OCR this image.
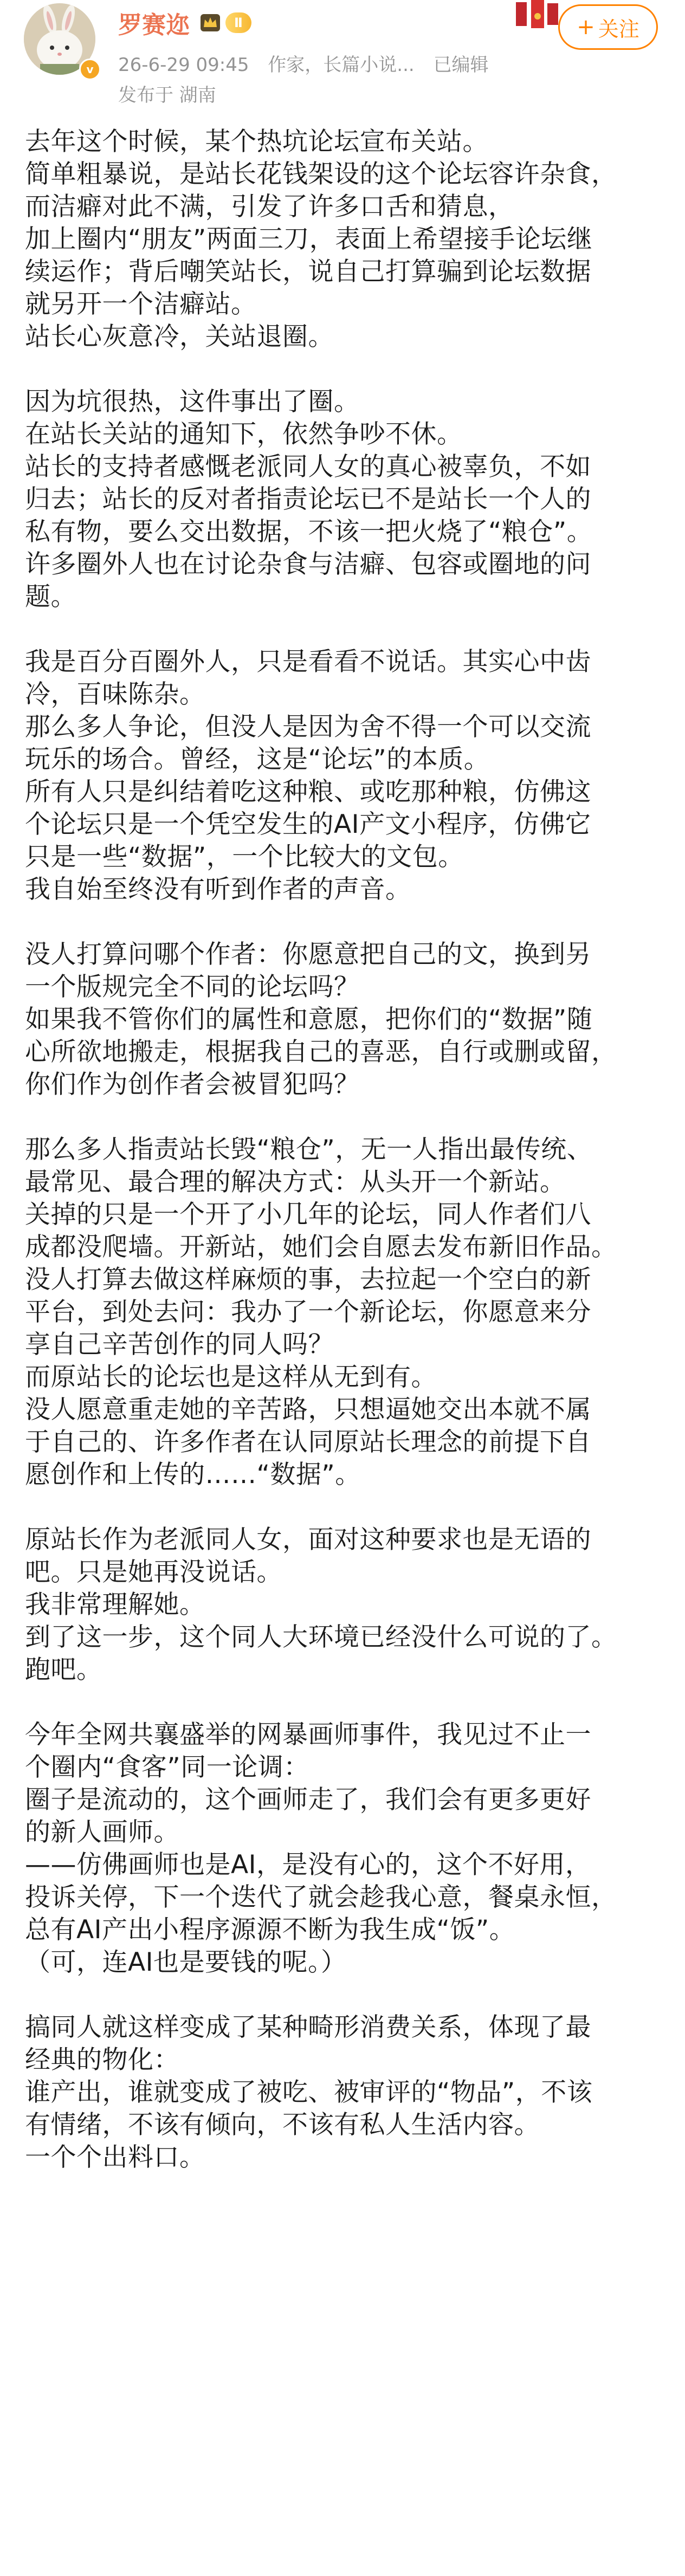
v
罗赛迩	Ⅱ
26-6-29 09:45 作家，长篇小说... 已编辑
发布于 湖南
+ 关注
去年这个时候，某个热坑论坛宣布关站。
简单粗暴说，是站长花钱架设的这个论坛容许杂食，
而洁癖对此不满，引发了许多口舌和猜息，
加上圈内“朋友”两面三刀，表面上希望接手论坛继
续运作；背后嘲笑站长，说自己打算骗到论坛数据
就另开一个洁癖站。
站长心灰意冷，关站退圈。
因为坑很热，这件事出了圈。
在站长关站的通知下，依然争吵不休。
站长的支持者感慨老派同人女的真心被辜负，不如
归去；站长的反对者指责论坛已不是站长一个人的
私有物，要么交出数据，不该一把火烧了“粮仓”。
许多圈外人也在讨论杂食与洁癖、包容或圈地的问
题。
我是百分百圈外人，只是看看不说话。其实心中齿
冷，百味陈杂。
那么多人争论，但没人是因为舍不得一个可以交流
玩乐的场合。曾经，这是“论坛”的本质。
所有人只是纠结着吃这种粮、或吃那种粮，仿佛这
个论坛只是一个凭空发生的AI产文小程序，仿佛它
只是一些“数据”，一个比较大的文包。
我自始至终没有听到作者的声音。
没人打算问哪个作者：你愿意把自己的文，换到另
一个版规完全不同的论坛吗？
如果我不管你们的属性和意愿，把你们的“数据”随
心所欲地搬走，根据我自己的喜恶，自行或删或留，
你们作为创作者会被冒犯吗？
那么多人指责站长毁“粮仓”，无一人指出最传统、
最常见、最合理的解决方式：从头开一个新站。
关掉的只是一个开了小几年的论坛，同人作者们八
成都没爬墙。开新站，她们会自愿去发布新旧作品。
没人打算去做这样麻烦的事，去拉起一个空白的新
平台，到处去问：我办了一个新论坛，你愿意来分
享自己辛苦创作的同人吗？
而原站长的论坛也是这样从无到有。
没人愿意重走她的辛苦路，只想逼她交出本就不属
于自己的、许多作者在认同原站长理念的前提下自
愿创作和上传的……“数据”。
原站长作为老派同人女，面对这种要求也是无语的
吧。只是她再没说话。
我非常理解她。
到了这一步，这个同人大环境已经没什么可说的了。
跑吧。
今年全网共襄盛举的网暴画师事件，我见过不止一
个圈内“食客”同一论调：
圈子是流动的，这个画师走了，我们会有更多更好
的新人画师。
——仿佛画师也是AI，是没有心的，这个不好用，
投诉关停，下一个迭代了就会趁我心意，餐桌永恒，
总有AI产出小程序源源不断为我生成“饭”。
（可，连AI也是要钱的呢。）
搞同人就这样变成了某种畸形消费关系，体现了最
经典的物化：
谁产出，谁就变成了被吃、被审评的“物品”，不该
有情绪，不该有倾向，不该有私人生活内容。
一个个出料口。
